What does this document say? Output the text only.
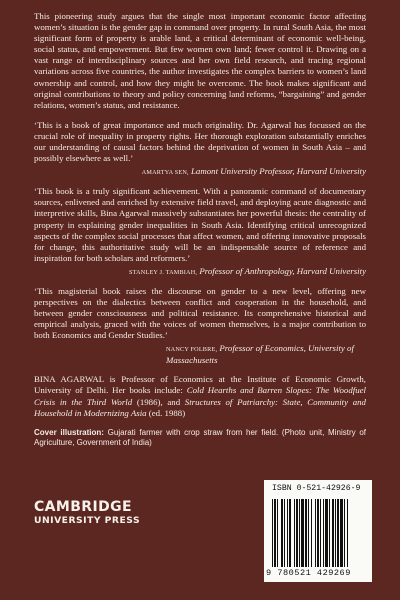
This pioneering study argues that the single most important economic factor affecting women’s situation is the gender gap in command over property. In rural South Asia, the most significant form of property is arable land, a critical determinant of economic well-being, social status, and empowerment. But few women own land; fewer control it. Drawing on a vast range of interdisciplinary sources and her own field research, and tracing regional variations across five countries, the author investigates the complex barriers to women’s land ownership and control, and how they might be overcome. The book makes significant and original contributions to theory and policy concerning land reforms, “bargaining” and gender relations, women’s status, and resistance.

‘This is a book of great importance and much originality. Dr. Agarwal has focussed on the crucial role of inequality in property rights. Her thorough exploration substantially enriches our understanding of causal factors behind the deprivation of women in South Asia – and possibly elsewhere as well.’

AMARTYA SEN, Lamont University Professor, Harvard University

‘This book is a truly significant achievement. With a panoramic command of documentary sources, enlivened and enriched by extensive field travel, and deploying acute diagnostic and interpretive skills, Bina Agarwal massively substantiates her powerful thesis: the centrality of property in explaining gender inequalities in South Asia. Identifying critical unrecognized aspects of the complex social processes that affect women, and offering innovative proposals for change, this authoritative study will be an indispensable source of reference and inspiration for both scholars and reformers.’

STANLEY J. TAMBIAH, Professor of Anthropology, Harvard University

‘This magisterial book raises the discourse on gender to a new level, offering new perspectives on the dialectics between conflict and cooperation in the household, and between gender consciousness and political resistance. Its comprehensive historical and empirical analysis, graced with the voices of women themselves, is a major contribution to both Economics and Gender Studies.’

NANCY FOLBRE, Professor of Economics, University of Massachusetts

BINA AGARWAL is Professor of Economics at the Institute of Economic Growth, University of Delhi. Her books include: Cold Hearths and Barren Slopes: The Woodfuel Crisis in the Third World (1986), and Structures of Patriarchy: State, Community and Household in Modernizing Asia (ed. 1988)

Cover illustration: Gujarati farmer with crop straw from her field. (Photo unit, Ministry of Agriculture, Government of India)

CAMBRIDGE
UNIVERSITY PRESS
ISBN 0-521-42926-9
9 780521 429269
